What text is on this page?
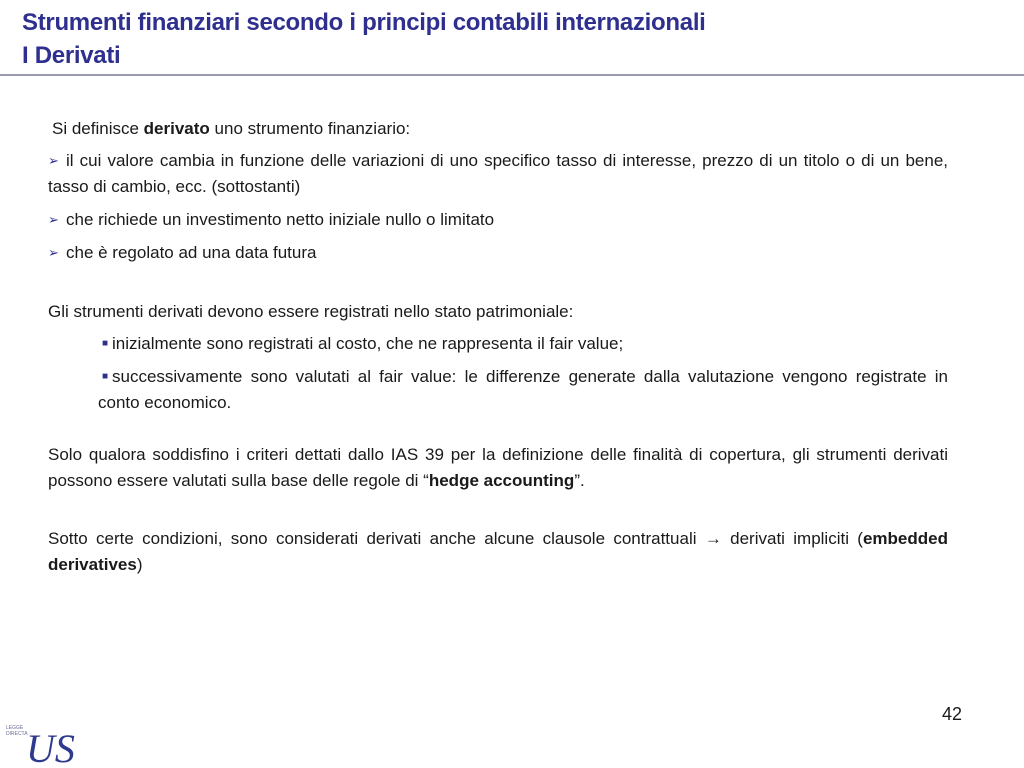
Strumenti finanziari secondo i principi contabili internazionali
I Derivati

Si definisce derivato uno strumento finanziario:

➢ il cui valore cambia in funzione delle variazioni di uno specifico tasso di interesse, prezzo di un titolo o di un bene, tasso di cambio, ecc. (sottostanti)
➢ che richiede un investimento netto iniziale nullo o limitato
➢ che è regolato ad una data futura

Gli strumenti derivati devono essere registrati nello stato patrimoniale:

■ inizialmente sono registrati al costo, che ne rappresenta il fair value;
■ successivamente sono valutati al fair value: le differenze generate dalla valutazione vengono registrate in conto economico.

Solo qualora soddisfino i criteri dettati dallo IAS 39 per la definizione delle finalità di copertura, gli strumenti derivati possono essere valutati sulla base delle regole di “hedge accounting”.

Sotto certe condizioni, sono considerati derivati anche alcune clausole contrattuali → derivati impliciti (embedded derivatives)

42
LEGGE
DIRECTA
US
